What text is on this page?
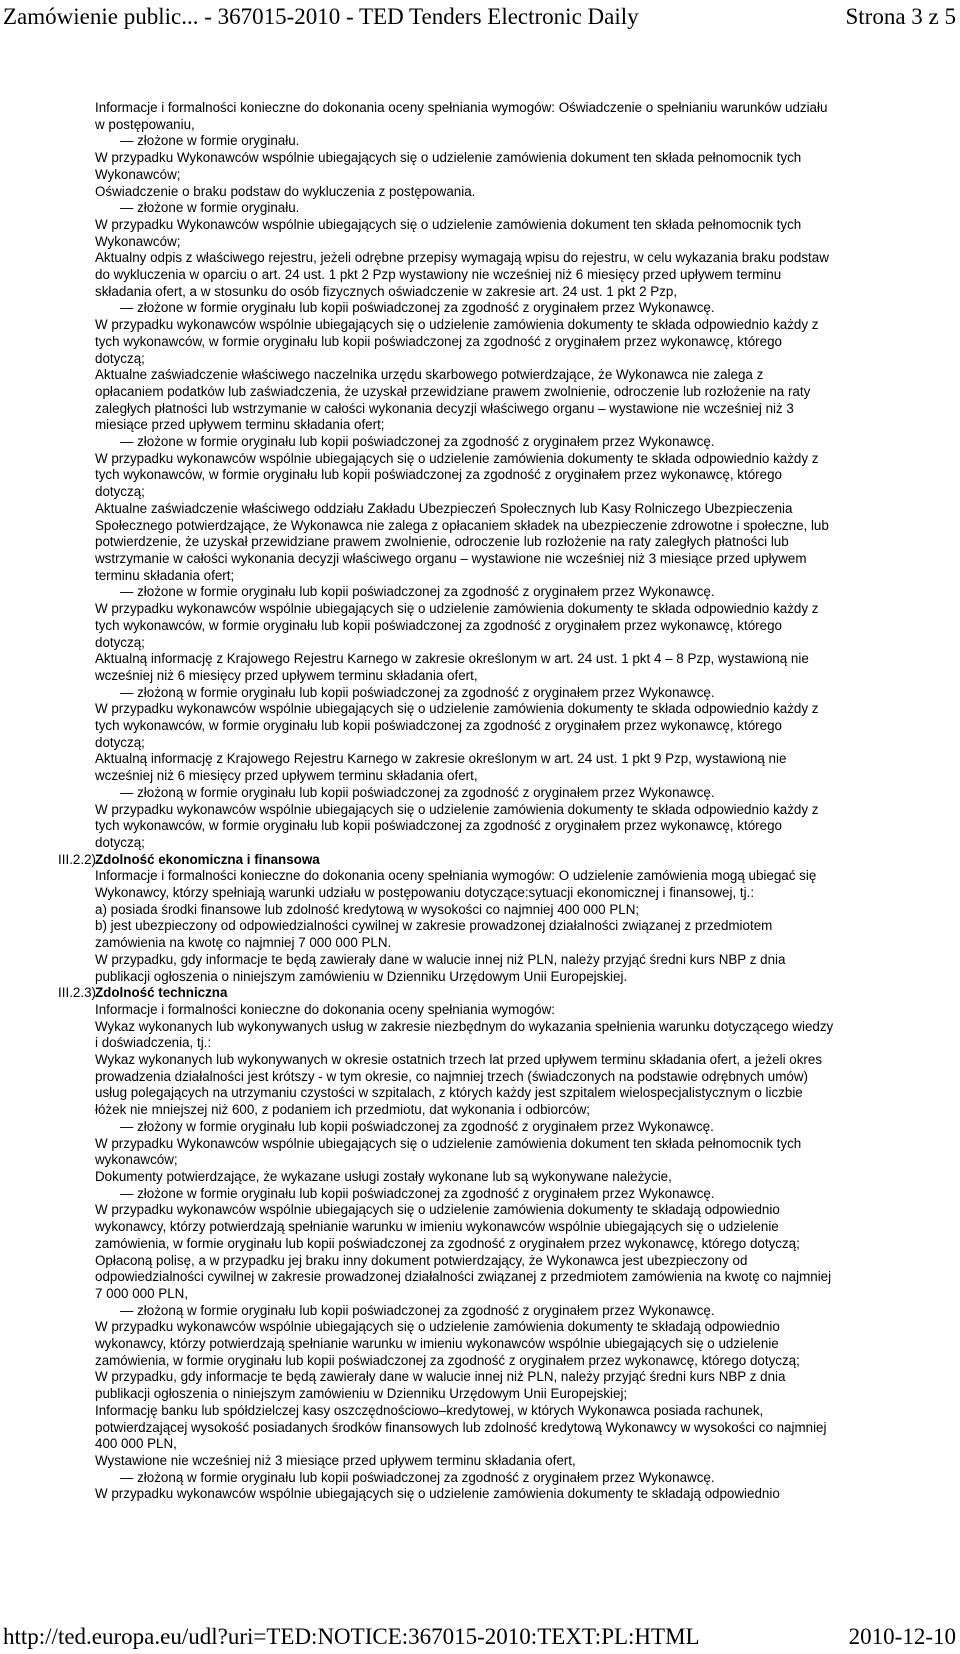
Zamówienie public... - 367015-2010 - TED Tenders Electronic Daily	Strona 3 z 5
Informacje i formalności konieczne do dokonania oceny spełniania wymogów: Oświadczenie o spełnianiu warunków udziału
w postępowaniu,
— złożone w formie oryginału.
W przypadku Wykonawców wspólnie ubiegających się o udzielenie zamówienia dokument ten składa pełnomocnik tych
Wykonawców;
Oświadczenie o braku podstaw do wykluczenia z postępowania.
— złożone w formie oryginału.
W przypadku Wykonawców wspólnie ubiegających się o udzielenie zamówienia dokument ten składa pełnomocnik tych
Wykonawców;
Aktualny odpis z właściwego rejestru, jeżeli odrębne przepisy wymagają wpisu do rejestru, w celu wykazania braku podstaw
do wykluczenia w oparciu o art. 24 ust. 1 pkt 2 Pzp wystawiony nie wcześniej niż 6 miesięcy przed upływem terminu
składania ofert, a w stosunku do osób fizycznych oświadczenie w zakresie art. 24 ust. 1 pkt 2 Pzp,
— złożone w formie oryginału lub kopii poświadczonej za zgodność z oryginałem przez Wykonawcę.
W przypadku wykonawców wspólnie ubiegających się o udzielenie zamówienia dokumenty te składa odpowiednio każdy z
tych wykonawców, w formie oryginału lub kopii poświadczonej za zgodność z oryginałem przez wykonawcę, którego
dotyczą;
Aktualne zaświadczenie właściwego naczelnika urzędu skarbowego potwierdzające, że Wykonawca nie zalega z
opłacaniem podatków lub zaświadczenia, że uzyskał przewidziane prawem zwolnienie, odroczenie lub rozłożenie na raty
zaległych płatności lub wstrzymanie w całości wykonania decyzji właściwego organu – wystawione nie wcześniej niż 3
miesiące przed upływem terminu składania ofert;
— złożone w formie oryginału lub kopii poświadczonej za zgodność z oryginałem przez Wykonawcę.
W przypadku wykonawców wspólnie ubiegających się o udzielenie zamówienia dokumenty te składa odpowiednio każdy z
tych wykonawców, w formie oryginału lub kopii poświadczonej za zgodność z oryginałem przez wykonawcę, którego
dotyczą;
Aktualne zaświadczenie właściwego oddziału Zakładu Ubezpieczeń Społecznych lub Kasy Rolniczego Ubezpieczenia
Społecznego potwierdzające, że Wykonawca nie zalega z opłacaniem składek na ubezpieczenie zdrowotne i społeczne, lub
potwierdzenie, że uzyskał przewidziane prawem zwolnienie, odroczenie lub rozłożenie na raty zaległych płatności lub
wstrzymanie w całości wykonania decyzji właściwego organu – wystawione nie wcześniej niż 3 miesiące przed upływem
terminu składania ofert;
— złożone w formie oryginału lub kopii poświadczonej za zgodność z oryginałem przez Wykonawcę.
W przypadku wykonawców wspólnie ubiegających się o udzielenie zamówienia dokumenty te składa odpowiednio każdy z
tych wykonawców, w formie oryginału lub kopii poświadczonej za zgodność z oryginałem przez wykonawcę, którego
dotyczą;
Aktualną informację z Krajowego Rejestru Karnego w zakresie określonym w art. 24 ust. 1 pkt 4 – 8 Pzp, wystawioną nie
wcześniej niż 6 miesięcy przed upływem terminu składania ofert,
— złożoną w formie oryginału lub kopii poświadczonej za zgodność z oryginałem przez Wykonawcę.
W przypadku wykonawców wspólnie ubiegających się o udzielenie zamówienia dokumenty te składa odpowiednio każdy z
tych wykonawców, w formie oryginału lub kopii poświadczonej za zgodność z oryginałem przez wykonawcę, którego
dotyczą;
Aktualną informację z Krajowego Rejestru Karnego w zakresie określonym w art. 24 ust. 1 pkt 9 Pzp, wystawioną nie
wcześniej niż 6 miesięcy przed upływem terminu składania ofert,
— złożoną w formie oryginału lub kopii poświadczonej za zgodność z oryginałem przez Wykonawcę.
W przypadku wykonawców wspólnie ubiegających się o udzielenie zamówienia dokumenty te składa odpowiednio każdy z
tych wykonawców, w formie oryginału lub kopii poświadczonej za zgodność z oryginałem przez wykonawcę, którego
dotyczą;
III.2.2) Zdolność ekonomiczna i finansowa
Informacje i formalności konieczne do dokonania oceny spełniania wymogów: O udzielenie zamówienia mogą ubiegać się
Wykonawcy, którzy spełniają warunki udziału w postępowaniu dotyczące:sytuacji ekonomicznej i finansowej, tj.:
a) posiada środki finansowe lub zdolność kredytową w wysokości co najmniej 400 000 PLN;
b) jest ubezpieczony od odpowiedzialności cywilnej w zakresie prowadzonej działalności związanej z przedmiotem
zamówienia na kwotę co najmniej 7 000 000 PLN.
W przypadku, gdy informacje te będą zawierały dane w walucie innej niż PLN, należy przyjąć średni kurs NBP z dnia
publikacji ogłoszenia o niniejszym zamówieniu w Dzienniku Urzędowym Unii Europejskiej.
III.2.3) Zdolność techniczna
Informacje i formalności konieczne do dokonania oceny spełniania wymogów:
Wykaz wykonanych lub wykonywanych usług w zakresie niezbędnym do wykazania spełnienia warunku dotyczącego wiedzy
i doświadczenia, tj.:
Wykaz wykonanych lub wykonywanych w okresie ostatnich trzech lat przed upływem terminu składania ofert, a jeżeli okres
prowadzenia działalności jest krótszy - w tym okresie, co najmniej trzech (świadczonych na podstawie odrębnych umów)
usług polegających na utrzymaniu czystości w szpitalach, z których każdy jest szpitalem wielospecjalistycznym o liczbie
łóżek nie mniejszej niż 600, z podaniem ich przedmiotu, dat wykonania i odbiorców;
— złożony w formie oryginału lub kopii poświadczonej za zgodność z oryginałem przez Wykonawcę.
W przypadku Wykonawców wspólnie ubiegających się o udzielenie zamówienia dokument ten składa pełnomocnik tych
wykonawców;
Dokumenty potwierdzające, że wykazane usługi zostały wykonane lub są wykonywane należycie,
— złożone w formie oryginału lub kopii poświadczonej za zgodność z oryginałem przez Wykonawcę.
W przypadku wykonawców wspólnie ubiegających się o udzielenie zamówienia dokumenty te składają odpowiednio
wykonawcy, którzy potwierdzają spełnianie warunku w imieniu wykonawców wspólnie ubiegających się o udzielenie
zamówienia, w formie oryginału lub kopii poświadczonej za zgodność z oryginałem przez wykonawcę, którego dotyczą;
Opłaconą polisę, a w przypadku jej braku inny dokument potwierdzający, że Wykonawca jest ubezpieczony od
odpowiedzialności cywilnej w zakresie prowadzonej działalności związanej z przedmiotem zamówienia na kwotę co najmniej
7 000 000 PLN,
— złożoną w formie oryginału lub kopii poświadczonej za zgodność z oryginałem przez Wykonawcę.
W przypadku wykonawców wspólnie ubiegających się o udzielenie zamówienia dokumenty te składają odpowiednio
wykonawcy, którzy potwierdzają spełnianie warunku w imieniu wykonawców wspólnie ubiegających się o udzielenie
zamówienia, w formie oryginału lub kopii poświadczonej za zgodność z oryginałem przez wykonawcę, którego dotyczą;
W przypadku, gdy informacje te będą zawierały dane w walucie innej niż PLN, należy przyjąć średni kurs NBP z dnia
publikacji ogłoszenia o niniejszym zamówieniu w Dzienniku Urzędowym Unii Europejskiej;
Informację banku lub spółdzielczej kasy oszczędnościowo–kredytowej, w których Wykonawca posiada rachunek,
potwierdzającej wysokość posiadanych środków finansowych lub zdolność kredytową Wykonawcy w wysokości co najmniej
400 000 PLN,
Wystawione nie wcześniej niż 3 miesiące przed upływem terminu składania ofert,
— złożoną w formie oryginału lub kopii poświadczonej za zgodność z oryginałem przez Wykonawcę.
W przypadku wykonawców wspólnie ubiegających się o udzielenie zamówienia dokumenty te składają odpowiednio
http://ted.europa.eu/udl?uri=TED:NOTICE:367015-2010:TEXT:PL:HTML	2010-12-10
